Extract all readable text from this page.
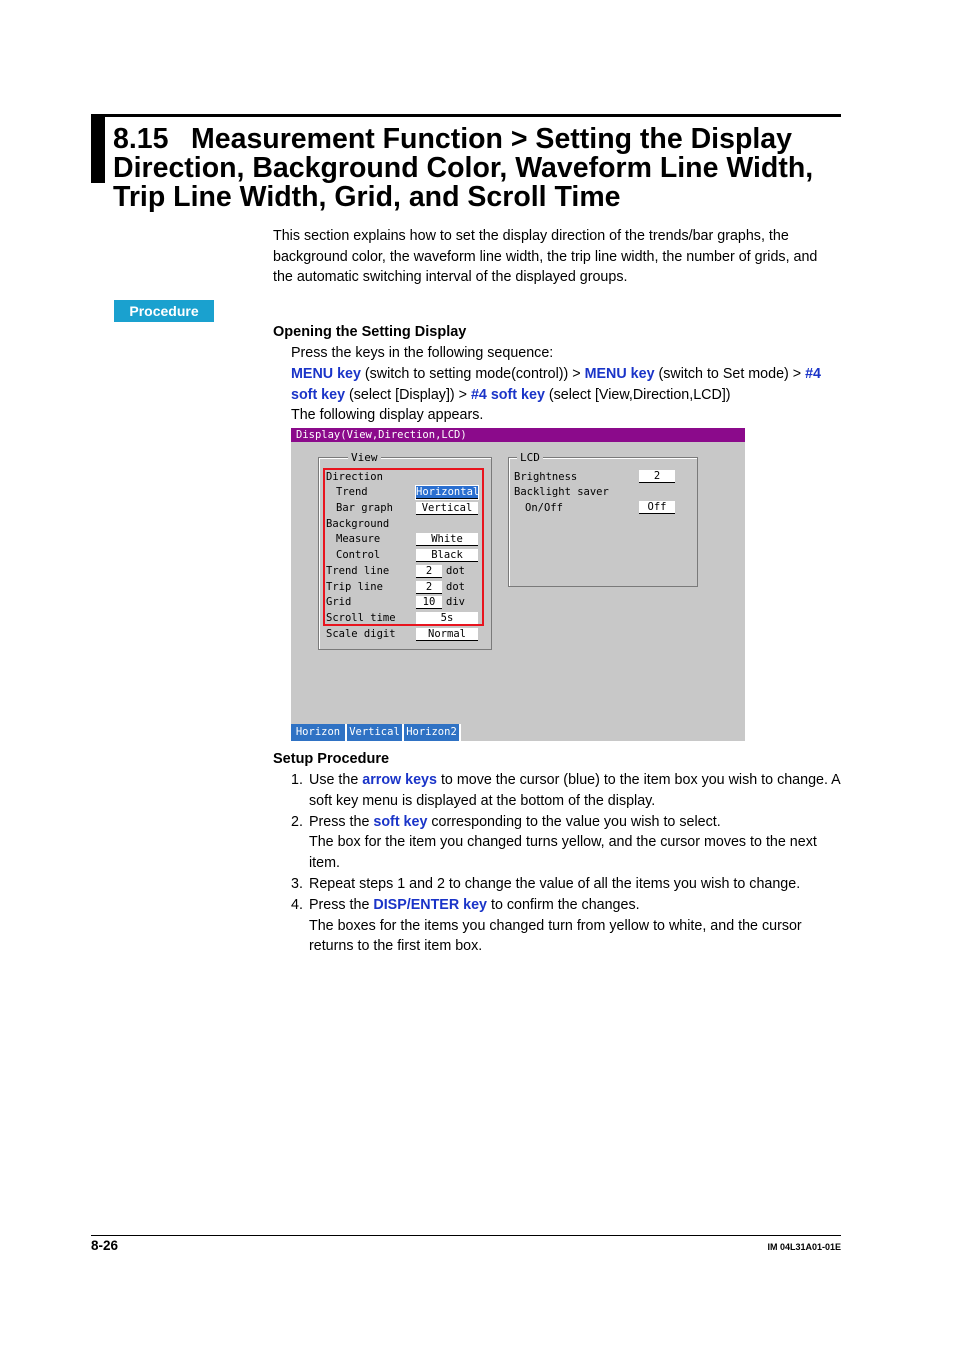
8.15 Measurement Function > Setting the Display Direction, Background Color, Waveform Line Width, Trip Line Width, Grid, and Scroll Time
This section explains how to set the display direction of the trends/bar graphs, the background color, the waveform line width, the trip line width, the number of grids, and the automatic switching interval of the displayed groups.
Procedure
Opening the Setting Display
Press the keys in the following sequence:
MENU key (switch to setting mode(control)) > MENU key (switch to Set mode) > #4 soft key (select [Display]) > #4 soft key (select [View,Direction,LCD])
The following display appears.
Display(View,Direction,LCD)
View
Direction
Trend	Horizontal
Bar graph	Vertical
Background
Measure	White
Control	Black
Trend line	2	dot
Trip line	2	dot
Grid	10	div
Scroll time	5s
Scale digit	Normal
LCD
Brightness	2
Backlight saver
On/Off	Off
Horizon Vertical Horizon2
Setup Procedure
1. Use the arrow keys to move the cursor (blue) to the item box you wish to change. A soft key menu is displayed at the bottom of the display.
2. Press the soft key corresponding to the value you wish to select.
The box for the item you changed turns yellow, and the cursor moves to the next item.
3. Repeat steps 1 and 2 to change the value of all the items you wish to change.
4. Press the DISP/ENTER key to confirm the changes.
The boxes for the items you changed turn from yellow to white, and the cursor returns to the first item box.
8-26	IM 04L31A01-01E
